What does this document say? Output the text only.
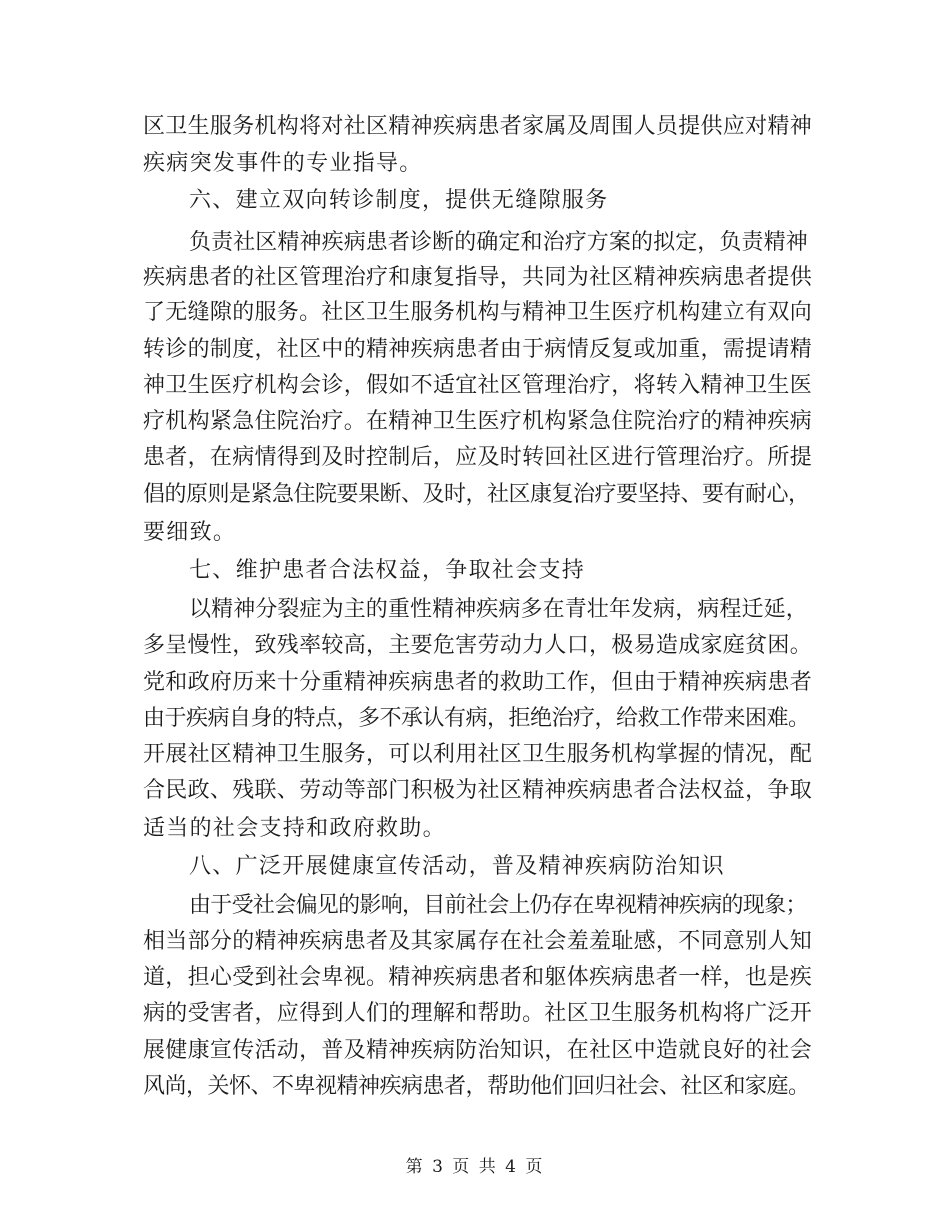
区卫生服务机构将对社区精神疾病患者家属及周围人员提供应对精神
疾病突发事件的专业指导。
六、建立双向转诊制度，提供无缝隙服务
负责社区精神疾病患者诊断的确定和治疗方案的拟定，负责精神
疾病患者的社区管理治疗和康复指导，共同为社区精神疾病患者提供
了无缝隙的服务。社区卫生服务机构与精神卫生医疗机构建立有双向
转诊的制度，社区中的精神疾病患者由于病情反复或加重，需提请精
神卫生医疗机构会诊，假如不适宜社区管理治疗，将转入精神卫生医
疗机构紧急住院治疗。在精神卫生医疗机构紧急住院治疗的精神疾病
患者，在病情得到及时控制后，应及时转回社区进行管理治疗。所提
倡的原则是紧急住院要果断、及时，社区康复治疗要坚持、要有耐心，
要细致。
七、维护患者合法权益，争取社会支持
以精神分裂症为主的重性精神疾病多在青壮年发病，病程迁延，
多呈慢性，致残率较高，主要危害劳动力人口，极易造成家庭贫困。
党和政府历来十分重精神疾病患者的救助工作，但由于精神疾病患者
由于疾病自身的特点，多不承认有病，拒绝治疗，给救工作带来困难。
开展社区精神卫生服务，可以利用社区卫生服务机构掌握的情况，配
合民政、残联、劳动等部门积极为社区精神疾病患者合法权益，争取
适当的社会支持和政府救助。
八、广泛开展健康宣传活动，普及精神疾病防治知识
由于受社会偏见的影响，目前社会上仍存在卑视精神疾病的现象；
相当部分的精神疾病患者及其家属存在社会羞羞耻感，不同意别人知
道，担心受到社会卑视。精神疾病患者和躯体疾病患者一样，也是疾
病的受害者，应得到人们的理解和帮助。社区卫生服务机构将广泛开
展健康宣传活动，普及精神疾病防治知识，在社区中造就良好的社会
风尚，关怀、不卑视精神疾病患者，帮助他们回归社会、社区和家庭。
第 3 页 共 4 页
